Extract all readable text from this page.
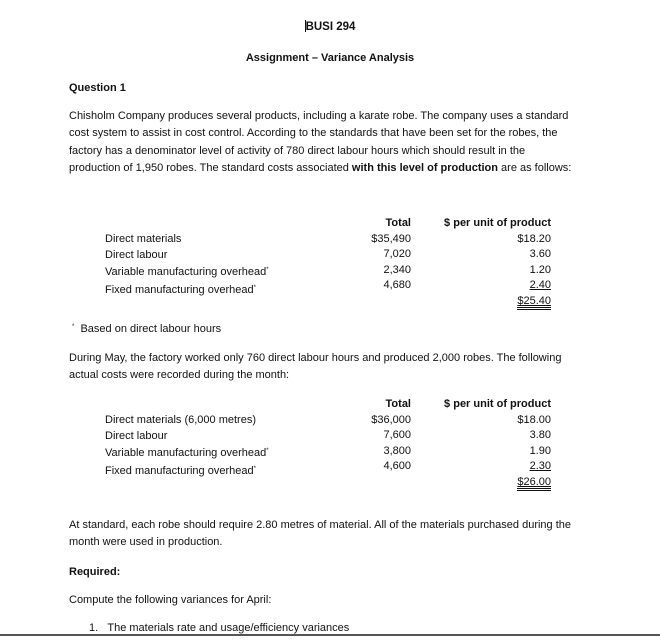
BUSI 294
Assignment – Variance Analysis
Question 1
Chisholm Company produces several products, including a karate robe. The company uses a standard
cost system to assist in cost control. According to the standards that have been set for the robes, the
factory has a denominator level of activity of 780 direct labour hours which should result in the
production of 1,950 robes. The standard costs associated with this level of production are as follows:
Direct materials
Direct labour
Variable manufacturing overhead*
Fixed manufacturing overhead*
Total
$35,490
7,020
2,340
4,680
$ per unit of product
$18.20
3.60
1.20
2.40
$25.40
* Based on direct labour hours
During May, the factory worked only 760 direct labour hours and produced 2,000 robes. The following
actual costs were recorded during the month:
Direct materials (6,000 metres)
Direct labour
Variable manufacturing overhead*
Fixed manufacturing overhead*
Total
$36,000
7,600
3,800
4,600
$ per unit of product
$18.00
3.80
1.90
2.30
$26.00
At standard, each robe should require 2.80 metres of material. All of the materials purchased during the
month were used in production.
Required:
Compute the following variances for April:
1. The materials rate and usage/efficiency variances
